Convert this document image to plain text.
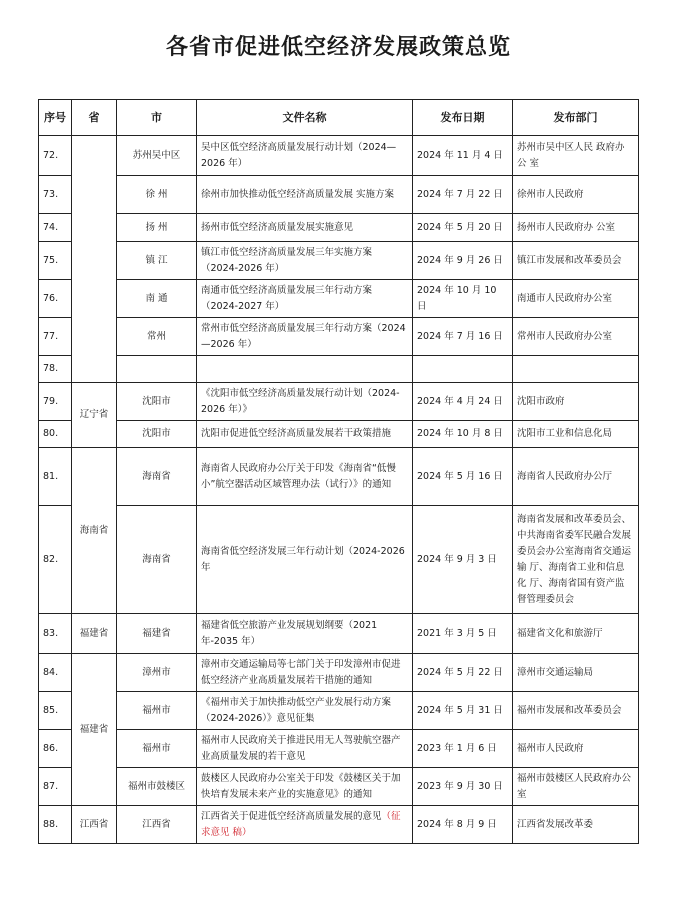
各省市促进低空经济发展政策总览
序号	省	市	文件名称	发布日期	发布部门
72.		苏州吴中区	吴中区低空经济高质量发展行动计划（2024—2026 年）	2024 年 11 月 4 日	苏州市吴中区人民 政府办公 室
73.		徐 州	徐州市加快推动低空经济高质量发展 实施方案	2024 年 7 月 22 日	徐州市人民政府
74.		扬 州	扬州市低空经济高质量发展实施意见	2024 年 5 月 20 日	扬州市人民政府办 公室
75.		镇 江	镇江市低空经济高质量发展三年实施方案（2024-2026 年）	2024 年 9 月 26 日	镇江市发展和改革委员会
76.		南 通	南通市低空经济高质量发展三年行动方案（2024-2027 年）	2024 年 10 月 10 日	南通市人民政府办公室
77.		常州	常州市低空经济高质量发展三年行动方案（2024—2026 年）	2024 年 7 月 16 日	常州市人民政府办公室
78.					
79.	辽宁省	沈阳市	《沈阳市低空经济高质量发展行动计划（2024-2026 年）》	2024 年 4 月 24 日	沈阳市政府
80.		沈阳市	沈阳市促进低空经济高质量发展若干政策措施	2024 年 10 月 8 日	沈阳市工业和信息化局
81.	海南省	海南省	海南省人民政府办公厅关于印发《海南省“低慢小”航空器活动区域管理办法（试行）》的通知	2024 年 5 月 16 日	海南省人民政府办公厅
82.		海南省	海南省低空经济发展三年行动计划（2024-2026 年	2024 年 9 月 3 日	海南省发展和改革委员会、中共海南省委军民融合发展委员会办公室海南省交通运输 厅、海南省工业和信息化 厅、海南省国有资产监督管理委员会
83.	福建省	福建省	福建省低空旅游产业发展规划纲要（2021 年-2035 年）	2021 年 3 月 5 日	福建省文化和旅游厅
84.	福建省	漳州市	漳州市交通运输局等七部门关于印发漳州市促进低空经济产业高质量发展若干措施的通知	2024 年 5 月 22 日	漳州市交通运输局
85.		福州市	《福州市关于加快推动低空产业发展行动方案（2024-2026）》意见征集	2024 年 5 月 31 日	福州市发展和改革委员会
86.		福州市	福州市人民政府关于推进民用无人驾驶航空器产业高质量发展的若干意见	2023 年 1 月 6 日	福州市人民政府
87.		福州市鼓楼区	鼓楼区人民政府办公室关于印发《鼓楼区关于加快培育发展未来产业的实施意见》的通知	2023 年 9 月 30 日	福州市鼓楼区人民政府办公室
88.	江西省	江西省	江西省关于促进低空经济高质量发展的意见（征求意见 稿）	2024 年 8 月 9 日	江西省发展改革委
